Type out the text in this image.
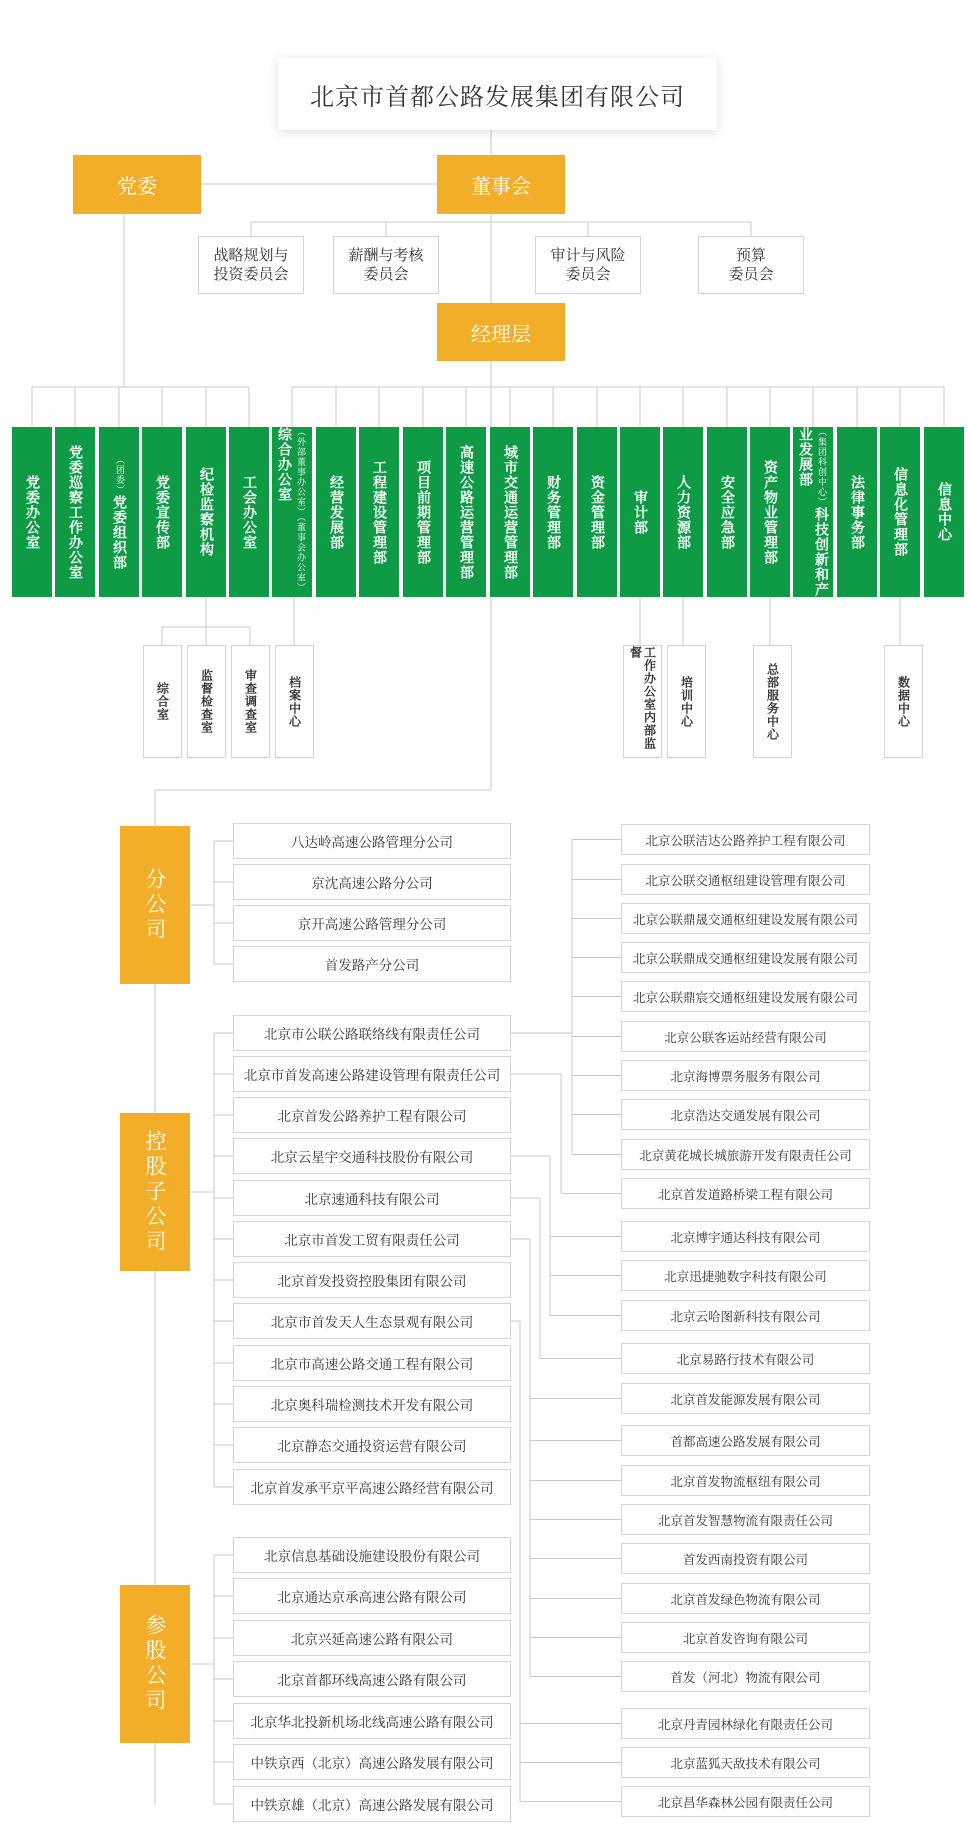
北京市首都公路发展集团有限公司
党委	董事会
经理层
战略规划与
投资委员会
薪酬与考核
委员会
审计与风险
委员会
预算
委员会
党委办公室 党委巡察工作办公室	（团委）党委组织部 党委宣传部 纪检监察机构 工会办公室	（外部董事办公室）（董事会办公室）综合办公室
经营发展部 工程建设管理部 项目前期管理部 高速公路运营管理部 城市交通运营管理部 财务管理部 资金管理部 审计部 人力资源部 安全应急部 资产物业管理部	（集团科创中心）科技创新和产业发展部
法律事务部 信息化管理部 信息中心
综合室	监督检查室	审查调查室	档案中心	工作办公室内部监督
培训中心	总部服务中心	数据中心
分公司
控股子公司
参股公司
八达岭高速公路管理分公司
京沈高速公路分公司
京开高速公路管理分公司
首发路产分公司
北京市公联公路联络线有限责任公司
北京市首发高速公路建设管理有限责任公司
北京首发公路养护工程有限公司
北京云星宇交通科技股份有限公司
北京速通科技有限公司
北京市首发工贸有限责任公司
北京首发投资控股集团有限公司
北京市首发天人生态景观有限公司
北京市高速公路交通工程有限公司
北京奥科瑞检测技术开发有限公司
北京静态交通投资运营有限公司
北京首发承平京平高速公路经营有限公司
北京信息基础设施建设股份有限公司
北京通达京承高速公路有限公司
北京兴延高速公路有限公司
北京首都环线高速公路有限公司
北京华北投新机场北线高速公路有限公司
中铁京西（北京）高速公路发展有限公司
中铁京雄（北京）高速公路发展有限公司
北京公联洁达公路养护工程有限公司
北京公联交通枢纽建设管理有限公司
北京公联鼎晟交通枢纽建设发展有限公司
北京公联鼎成交通枢纽建设发展有限公司
北京公联鼎宸交通枢纽建设发展有限公司
北京公联客运站经营有限公司
北京海博票务服务有限公司
北京浩达交通发展有限公司
北京黄花城长城旅游开发有限责任公司
北京首发道路桥梁工程有限公司
北京博宇通达科技有限公司
北京迅捷驰数字科技有限公司
北京云哈图新科技有限公司
北京易路行技术有限公司
北京首发能源发展有限公司
首都高速公路发展有限公司
北京首发物流枢纽有限公司
北京首发智慧物流有限责任公司
首发西南投资有限公司
北京首发绿色物流有限公司
北京首发咨询有限公司
首发（河北）物流有限公司
北京丹青园林绿化有限责任公司
北京蓝狐天敌技术有限公司
北京昌华森林公园有限责任公司
